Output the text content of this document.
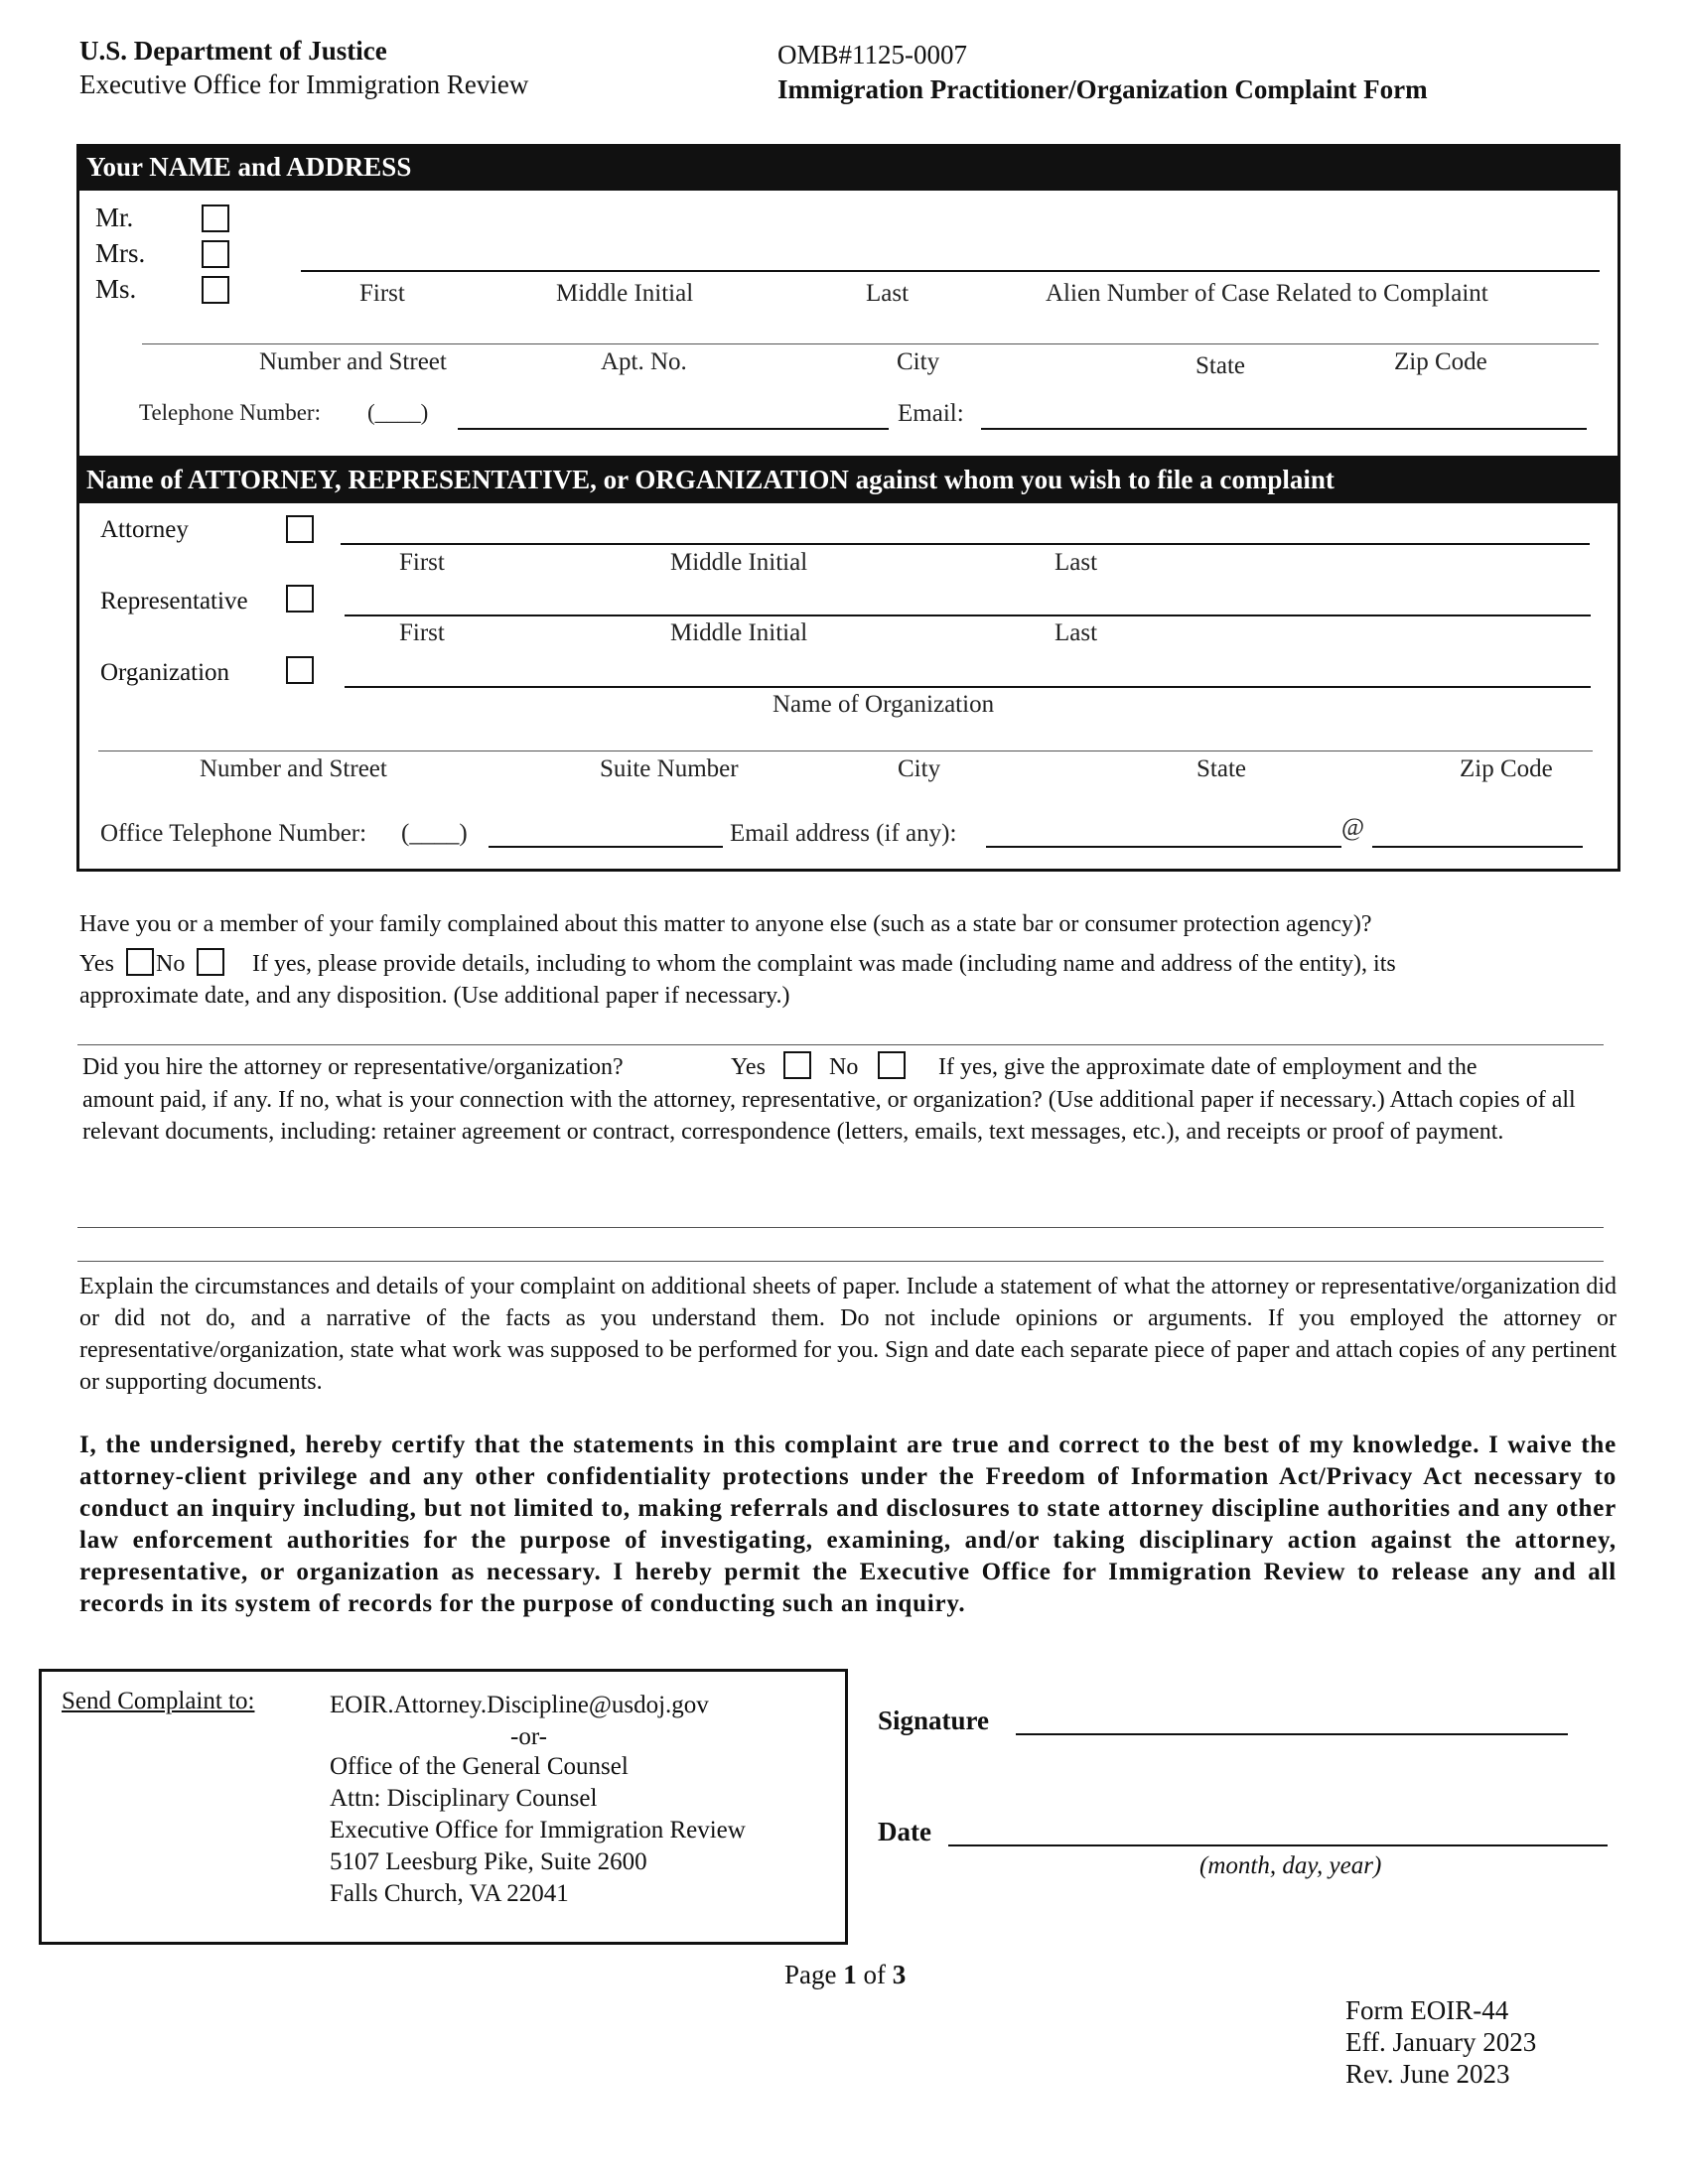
U.S. Department of Justice
Executive Office for Immigration Review
OMB#1125-0007
Immigration Practitioner/Organization Complaint Form
Your NAME and ADDRESS
Mr.
Mrs.
Ms.	First	Middle Initial	Last	Alien Number of Case Related to Complaint
Number and Street	Apt. No.	City	State	Zip Code
Telephone Number: (____)	Email:
Name of ATTORNEY, REPRESENTATIVE, or ORGANIZATION against whom you wish to file a complaint
Attorney
First	Middle Initial	Last
Representative
First	Middle Initial	Last
Organization
Name of Organization
Number and Street	Suite Number	City	State	Zip Code
Office Telephone Number: (____)	Email address (if any):	@
Have you or a member of your family complained about this matter to anyone else (such as a state bar or consumer protection agency)?
Yes No	If yes, please provide details, including to whom the complaint was made (including name and address of the entity), its
approximate date, and any disposition. (Use additional paper if necessary.)
Did you hire the attorney or representative/organization?	Yes	No	If yes, give the approximate date of employment and the
amount paid, if any. If no, what is your connection with the attorney, representative, or organization? (Use additional paper if necessary.) Attach copies of all relevant documents, including: retainer agreement or contract, correspondence (letters, emails, text messages, etc.), and receipts or proof of payment.
Explain the circumstances and details of your complaint on additional sheets of paper. Include a statement of what the attorney or representative/organization did or did not do, and a narrative of the facts as you understand them. Do not include opinions or arguments. If you employed the attorney or representative/organization, state what work was supposed to be performed for you. Sign and date each separate piece of paper and attach copies of any pertinent or supporting documents.
I, the undersigned, hereby certify that the statements in this complaint are true and correct to the best of my knowledge. I waive the attorney-client privilege and any other confidentiality protections under the Freedom of Information Act/Privacy Act necessary to conduct an inquiry including, but not limited to, making referrals and disclosures to state attorney discipline authorities and any other law enforcement authorities for the purpose of investigating, examining, and/or taking disciplinary action against the attorney, representative, or organization as necessary. I hereby permit the Executive Office for Immigration Review to release any and all records in its system of records for the purpose of conducting such an inquiry.
Send Complaint to:	EOIR.Attorney.Discipline@usdoj.gov
-or-
Office of the General Counsel
Attn: Disciplinary Counsel
Executive Office for Immigration Review
5107 Leesburg Pike, Suite 2600
Falls Church, VA 22041
Signature
Date
(month, day, year)
Page 1 of 3
Form EOIR-44
Eff. January 2023
Rev. June 2023
